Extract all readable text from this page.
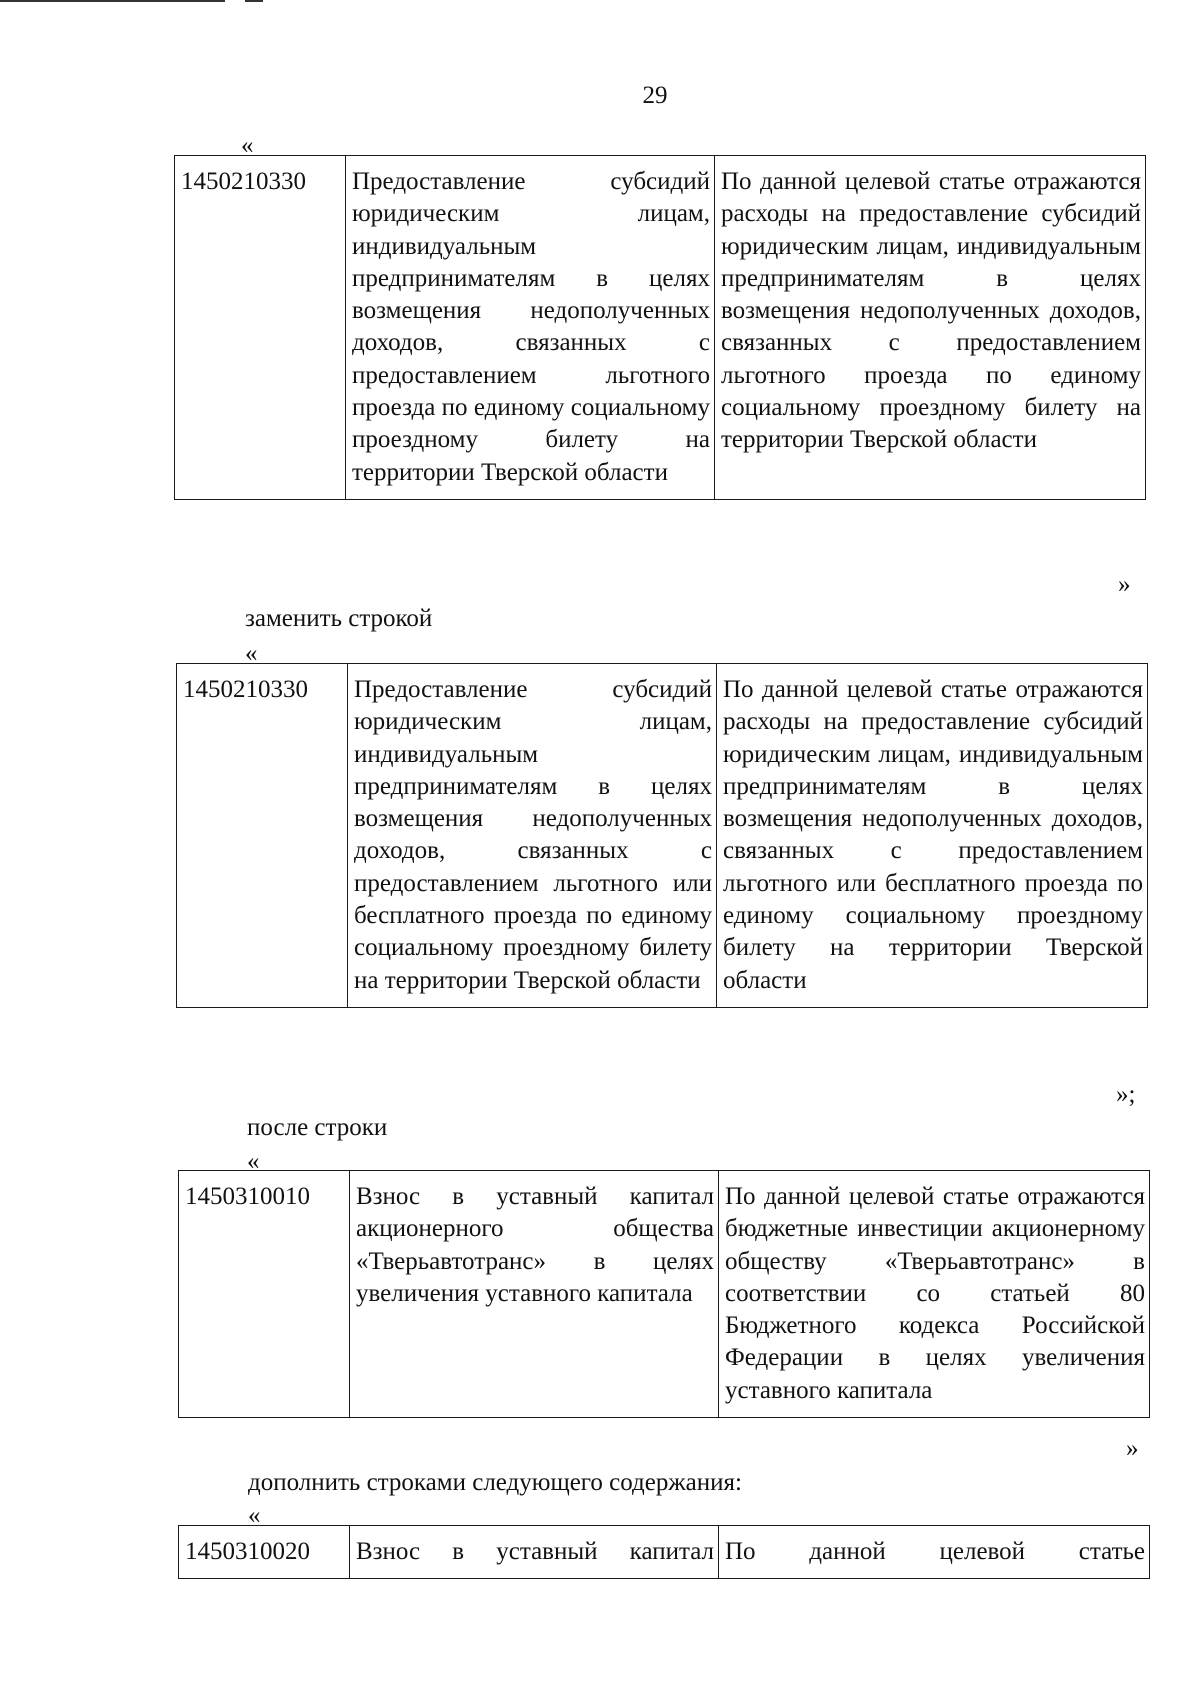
29
«
1450210330	Предоставление субсидий юридическим лицам, индивидуальным предпринимателям в целях возмещения недополученных доходов, связанных с предоставлением льготного проезда по единому социальному проездному билету на территории Тверской области	По данной целевой статье отражаются расходы на предоставление субсидий юридическим лицам, индивидуальным предпринимателям в целях возмещения недополученных доходов, связанных с предоставлением льготного проезда по единому социальному проездному билету на территории Тверской области
»
заменить строкой
«
1450210330	Предоставление субсидий юридическим лицам, индивидуальным предпринимателям в целях возмещения недополученных доходов, связанных с предоставлением льготного или бесплатного проезда по единому социальному проездному билету на территории Тверской области	По данной целевой статье отражаются расходы на предоставление субсидий юридическим лицам, индивидуальным предпринимателям в целях возмещения недополученных доходов, связанных с предоставлением льготного или бесплатного проезда по единому социальному проездному билету на территории Тверской области
»;
после строки
«
1450310010	Взнос в уставный капитал акционерного общества «Тверьавтотранс» в целях увеличения уставного капитала	По данной целевой статье отражаются бюджетные инвестиции акционерному обществу «Тверьавтотранс» в соответствии со статьей 80 Бюджетного кодекса Российской Федерации в целях увеличения уставного капитала
»
дополнить строками следующего содержания:
«
1450310020	Взнос в уставный капитал	По данной целевой статье
